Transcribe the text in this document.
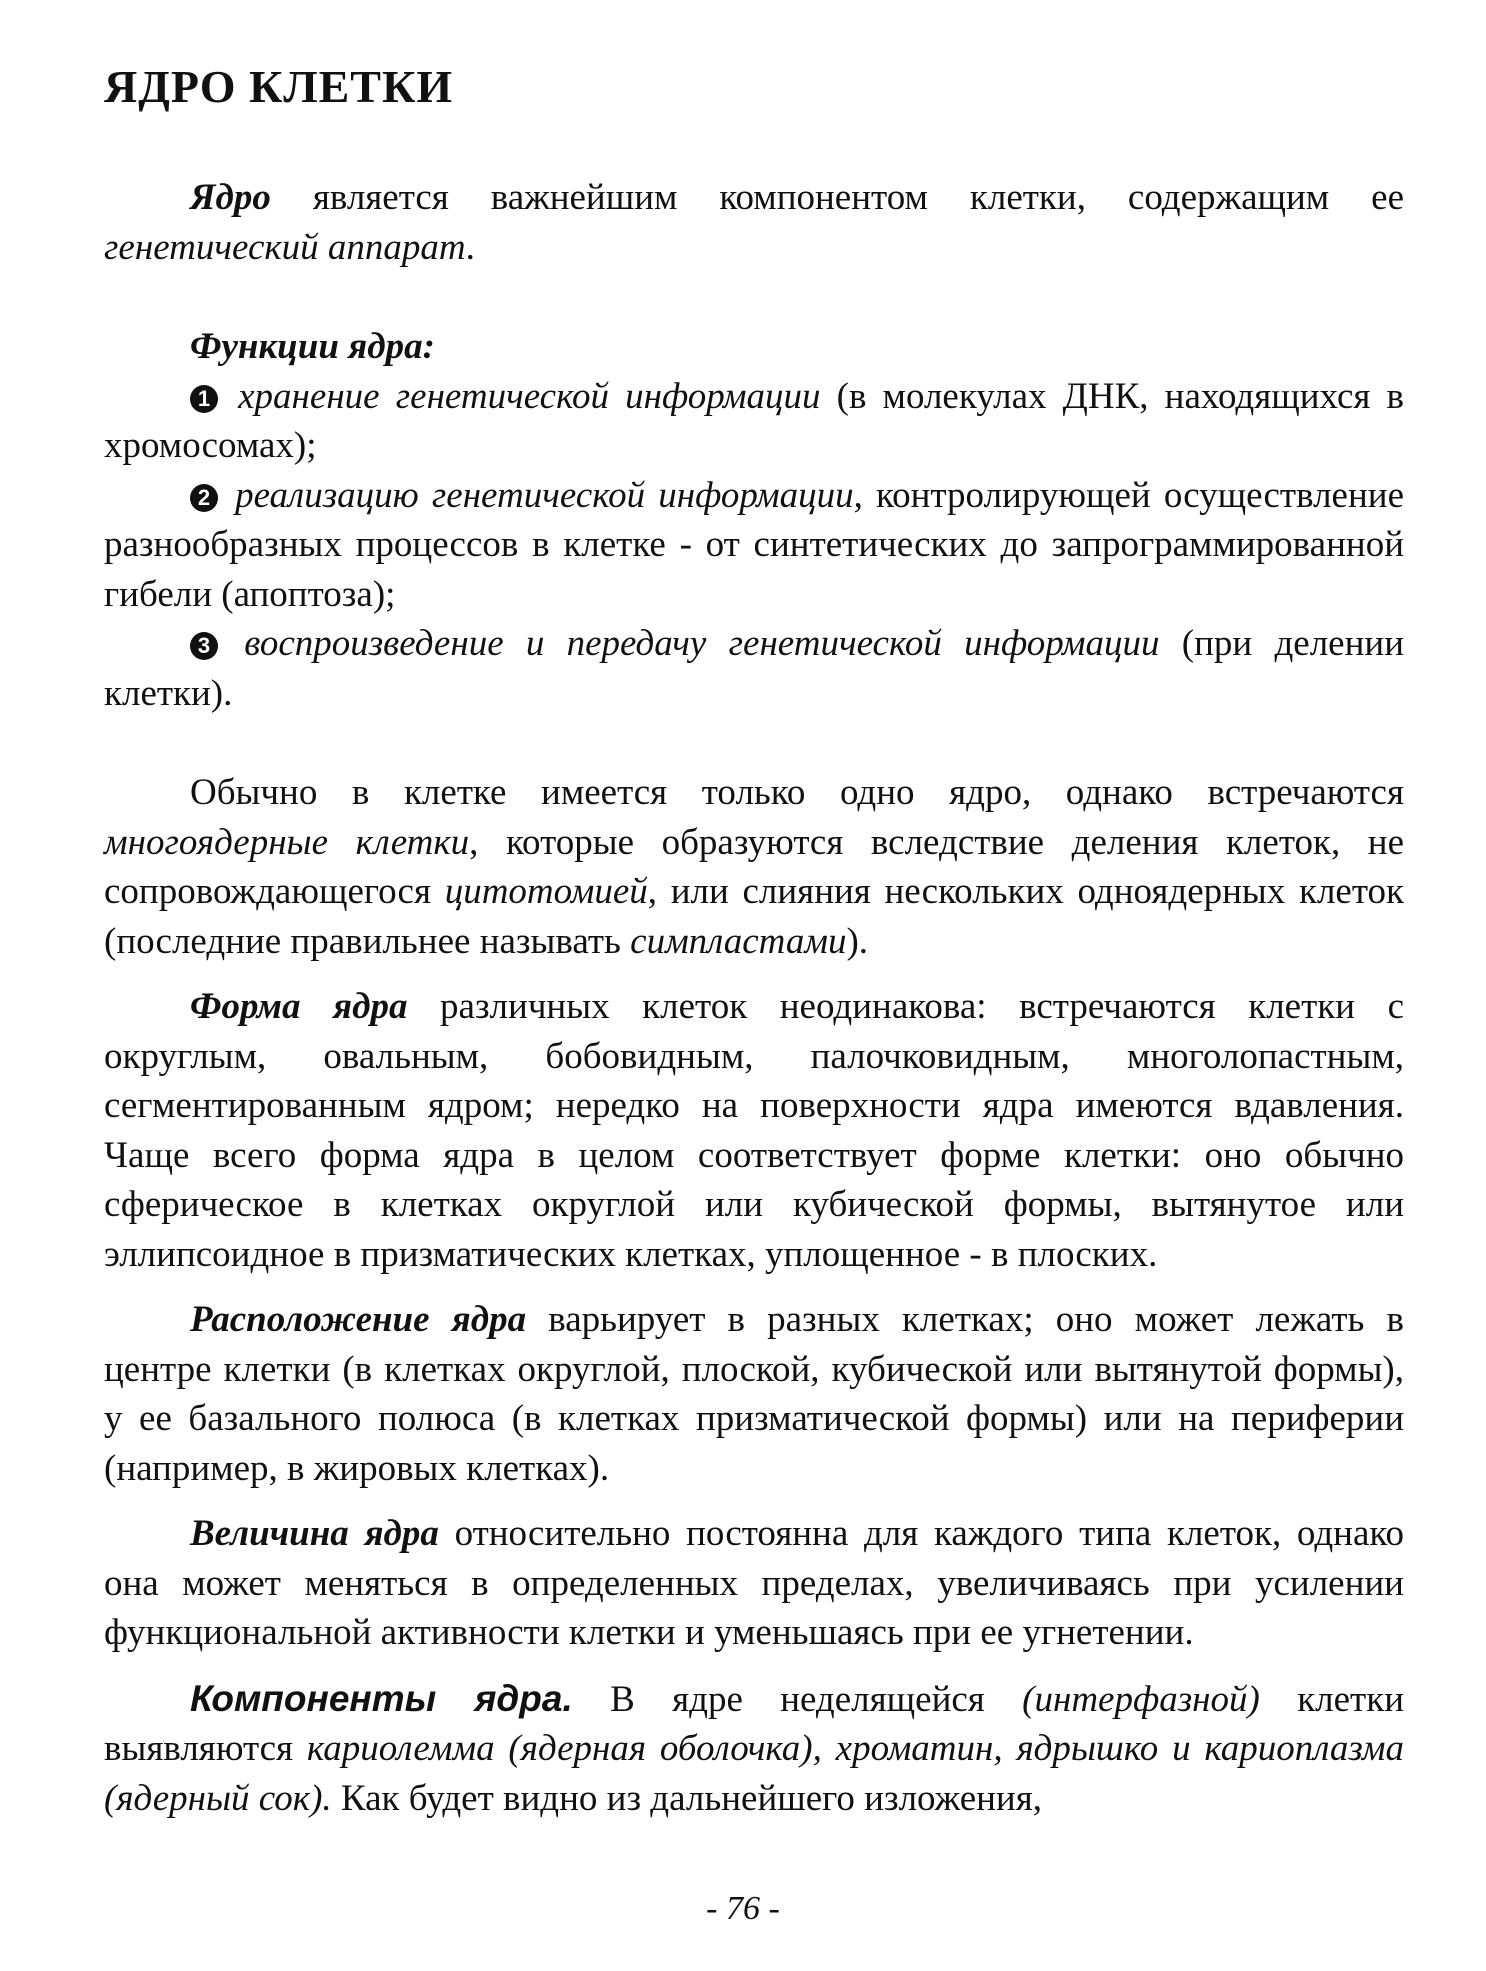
ЯДРО КЛЕТКИ

Ядро является важнейшим компонентом клетки, содержащим ее генетический аппарат.

Функции ядра:

1 хранение генетической информации (в молекулах ДНК, находящихся в хромосомах);

2 реализацию генетической информации, контролирующей осуществление разнообразных процессов в клетке - от синтетических до запрограммированной гибели (апоптоза);

3 воспроизведение и передачу генетической информации (при делении клетки).

Обычно в клетке имеется только одно ядро, однако встречаются многоядерные клетки, которые образуются вследствие деления клеток, не сопровождающегося цитотомией, или слияния нескольких одноядерных клеток (последние правильнее называть симпластами).

Форма ядра различных клеток неодинакова: встречаются клетки с округлым, овальным, бобовидным, палочковидным, многолопастным, сегментированным ядром; нередко на поверхности ядра имеются вдавления. Чаще всего форма ядра в целом соответствует форме клетки: оно обычно сферическое в клетках округлой или кубической формы, вытянутое или эллипсоидное в призматических клетках, уплощенное - в плоских.

Расположение ядра варьирует в разных клетках; оно может лежать в центре клетки (в клетках округлой, плоской, кубической или вытянутой формы), у ее базального полюса (в клетках призматической формы) или на периферии (например, в жировых клетках).

Величина ядра относительно постоянна для каждого типа клеток, однако она может меняться в определенных пределах, увеличиваясь при усилении функциональной активности клетки и уменьшаясь при ее угнетении.

Компоненты ядра. В ядре неделящейся (интерфазной) клетки выявляются кариолемма (ядерная оболочка), хроматин, ядрышко и кариоплазма (ядерный сок). Как будет видно из дальнейшего изложения,

- 76 -
